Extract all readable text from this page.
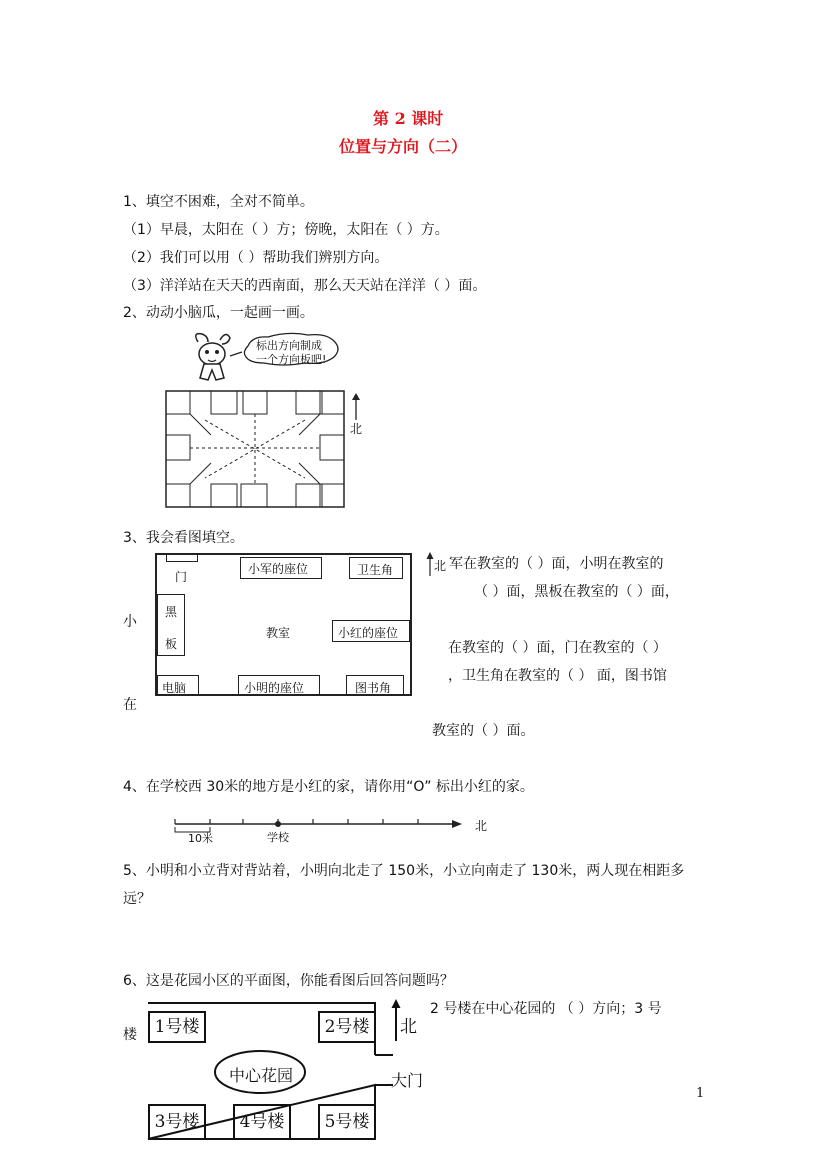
第 2 课时
位置与方向（二）
1、填空不困难，全对不简单。
（1）早晨，太阳在（ ）方；傍晚，太阳在（ ）方。
（2）我们可以用（ ）帮助我们辨别方向。
（3）洋洋站在天天的西南面，那么天天站在洋洋（ ）面。
2、动动小脑瓜，一起画一画。
标出方向制成
一个方向板吧!
北
3、我会看图填空。
门
小军的座位	卫生角
黑
板
教室	小红的座位
电脑	小明的座位	图书角
北
小
在
军在教室的（ ）面，小明在教室的
（ ）面，黑板在教室的（ ）面，
在教室的（ ）面，门在教室的（ ）
，卫生角在教室的（ ） 面，图书馆
教室的（ ）面。
4、在学校西 30米的地方是小红的家，请你用“O” 标出小红的家。
10米	学校
北
5、小明和小立背对背站着，小明向北走了 150米，小立向南走了 130米，两人现在相距多
远？
6、这是花园小区的平面图，你能看图后回答问题吗？
楼
2 号楼在中心花园的 （ ）方向；3 号
1号楼	2号楼
3号楼	4号楼	5号楼
中心花园	大门
北
1
